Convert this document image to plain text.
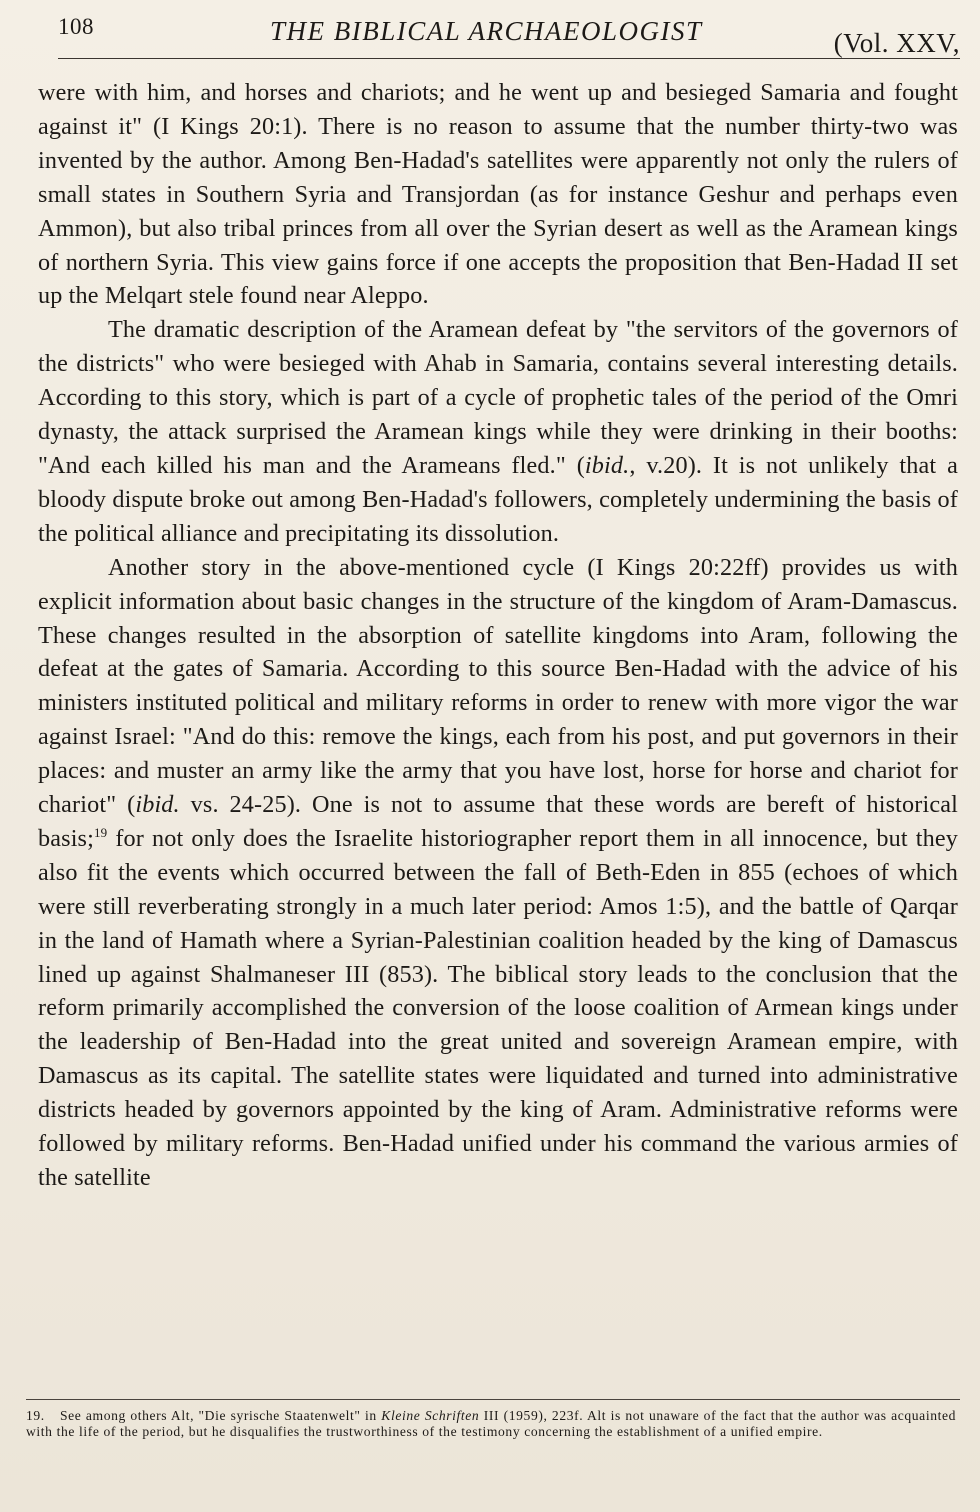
108	THE BIBLICAL ARCHAEOLOGIST	(Vol. XXV,

were with him, and horses and chariots; and he went up and besieged Samaria and fought against it" (I Kings 20:1). There is no reason to assume that the number thirty-two was invented by the author. Among Ben-Hadad's satellites were apparently not only the rulers of small states in Southern Syria and Transjordan (as for instance Geshur and perhaps even Ammon), but also tribal princes from all over the Syrian desert as well as the Aramean kings of northern Syria. This view gains force if one accepts the proposition that Ben-Hadad II set up the Melqart stele found near Aleppo.

The dramatic description of the Aramean defeat by "the servitors of the governors of the districts" who were besieged with Ahab in Samaria, contains several interesting details. According to this story, which is part of a cycle of prophetic tales of the period of the Omri dynasty, the attack surprised the Aramean kings while they were drinking in their booths: "And each killed his man and the Arameans fled." (ibid., v.20). It is not unlikely that a bloody dispute broke out among Ben-Hadad's followers, completely undermining the basis of the political alliance and precipitating its dissolution.

Another story in the above-mentioned cycle (I Kings 20:22ff) provides us with explicit information about basic changes in the structure of the kingdom of Aram-Damascus. These changes resulted in the absorption of satellite kingdoms into Aram, following the defeat at the gates of Samaria. According to this source Ben-Hadad with the advice of his ministers instituted political and military reforms in order to renew with more vigor the war against Israel: "And do this: remove the kings, each from his post, and put governors in their places: and muster an army like the army that you have lost, horse for horse and chariot for chariot" (ibid. vs. 24-25). One is not to assume that these words are bereft of historical basis;$^{19}$ for not only does the Israelite historiographer report them in all innocence, but they also fit the events which occurred between the fall of Beth-Eden in 855 (echoes of which were still reverberating strongly in a much later period: Amos 1:5), and the battle of Qarqar in the land of Hamath where a Syrian-Palestinian coalition headed by the king of Damascus lined up against Shalmaneser III (853). The biblical story leads to the conclusion that the reform primarily accomplished the conversion of the loose coalition of Armean kings under the leadership of Ben-Hadad into the great united and sovereign Aramean empire, with Damascus as its capital. The satellite states were liquidated and turned into administrative districts headed by governors appointed by the king of Aram. Administrative reforms were followed by military reforms. Ben-Hadad unified under his command the various armies of the satellite

19. See among others Alt, "Die syrische Staatenwelt" in Kleine Schriften III (1959), 223f. Alt is not unaware of the fact that the author was acquainted with the life of the period, but he disqualifies the trustworthiness of the testimony concerning the establishment of a unified empire.
